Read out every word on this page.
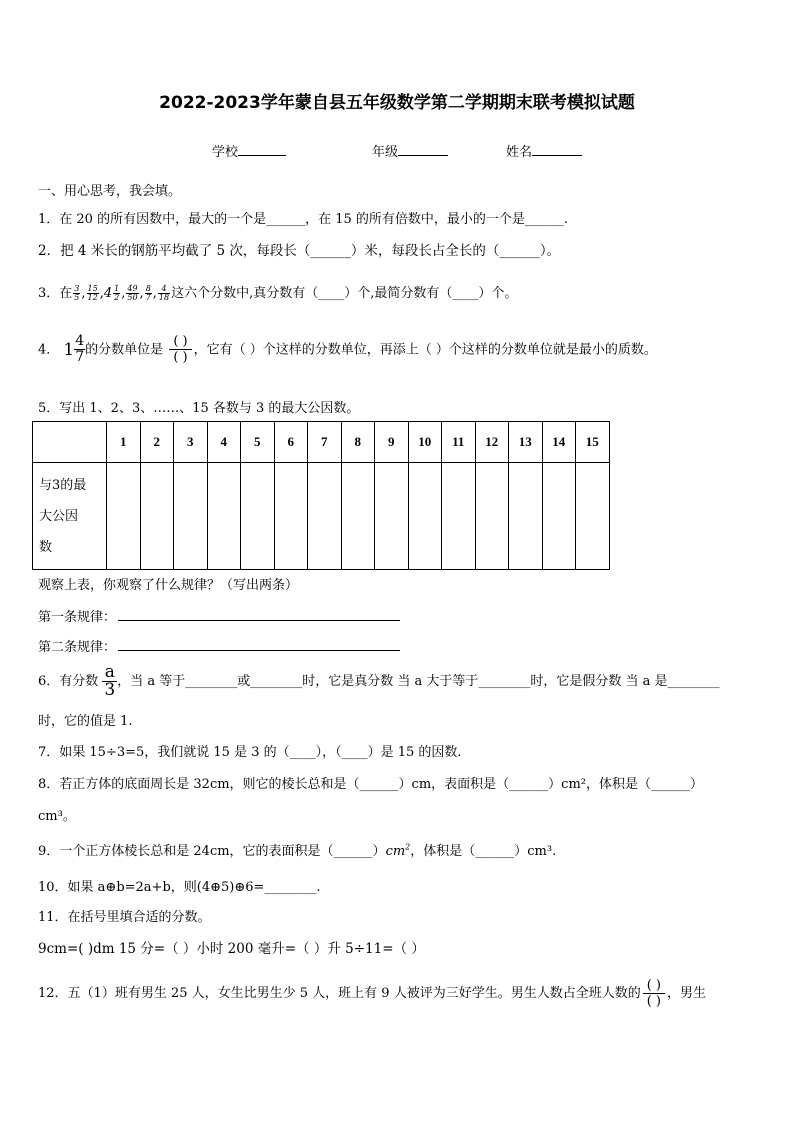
2022-2023学年蒙自县五年级数学第二学期期末联考模拟试题
学校	年级	姓名
一、用心思考，我会填。
1．在 20 的所有因数中，最大的一个是______，在 15 的所有倍数中，最小的一个是______.
2．把 4 米长的钢筋平均截了 5 次，每段长（______）米，每段长占全长的（______）。
3．在 $\frac{3}{5}$ , $\frac{15}{12} ,4 \frac{1}{2}$ , $\frac{49}{50}$ , $\frac{8}{7}$ , $\frac{4}{18}$ 这六个分数中,真分数有（____）个,最简分数有（____）个。
4． $1 \frac{4}{7}$ 的分数单位是 $\frac{( )}{( )}$ ，它有（ ）个这样的分数单位，再添上（ ）个这样的分数单位就是最小的质数。
5．写出 1、2、3、……、15 各数与 3 的最大公因数。
	1	2	3	4	5	6	7	8	9	10	11	12	13	14	15

与3的最
大公因
数															

观察上表，你观察了什么规律？（写出两条）
第一条规律：
第二条规律：
6．有分数 $\frac{a}{3}$ ，当 a 等于________或________时，它是真分数 当 a 大于等于________时，它是假分数 当 a 是________
时，它的值是 1.
7．如果 15÷3=5，我们就说 15 是 3 的（____），（____）是 15 的因数.
8．若正方体的底面周长是 32cm，则它的棱长总和是（______）cm，表面积是（______）cm²，体积是（______）
cm³。
9．一个正方体棱长总和是 24cm，它的表面积是$(\_\_\_\_\_\_)cm^2$，体积是（______）cm³.
10．如果 a⊕b=2a+b，则(4⊕5)⊕6=________.
11．在括号里填合适的分数。
9cm=( )dm 15 分=（ ）小时 200 毫升=（ ）升 5÷11=（ ）
12．五（1）班有男生 25 人，女生比男生少 5 人，班上有 9 人被评为三好学生。男生人数占全班人数的 $\frac{( )}{( )}$ ，男生
